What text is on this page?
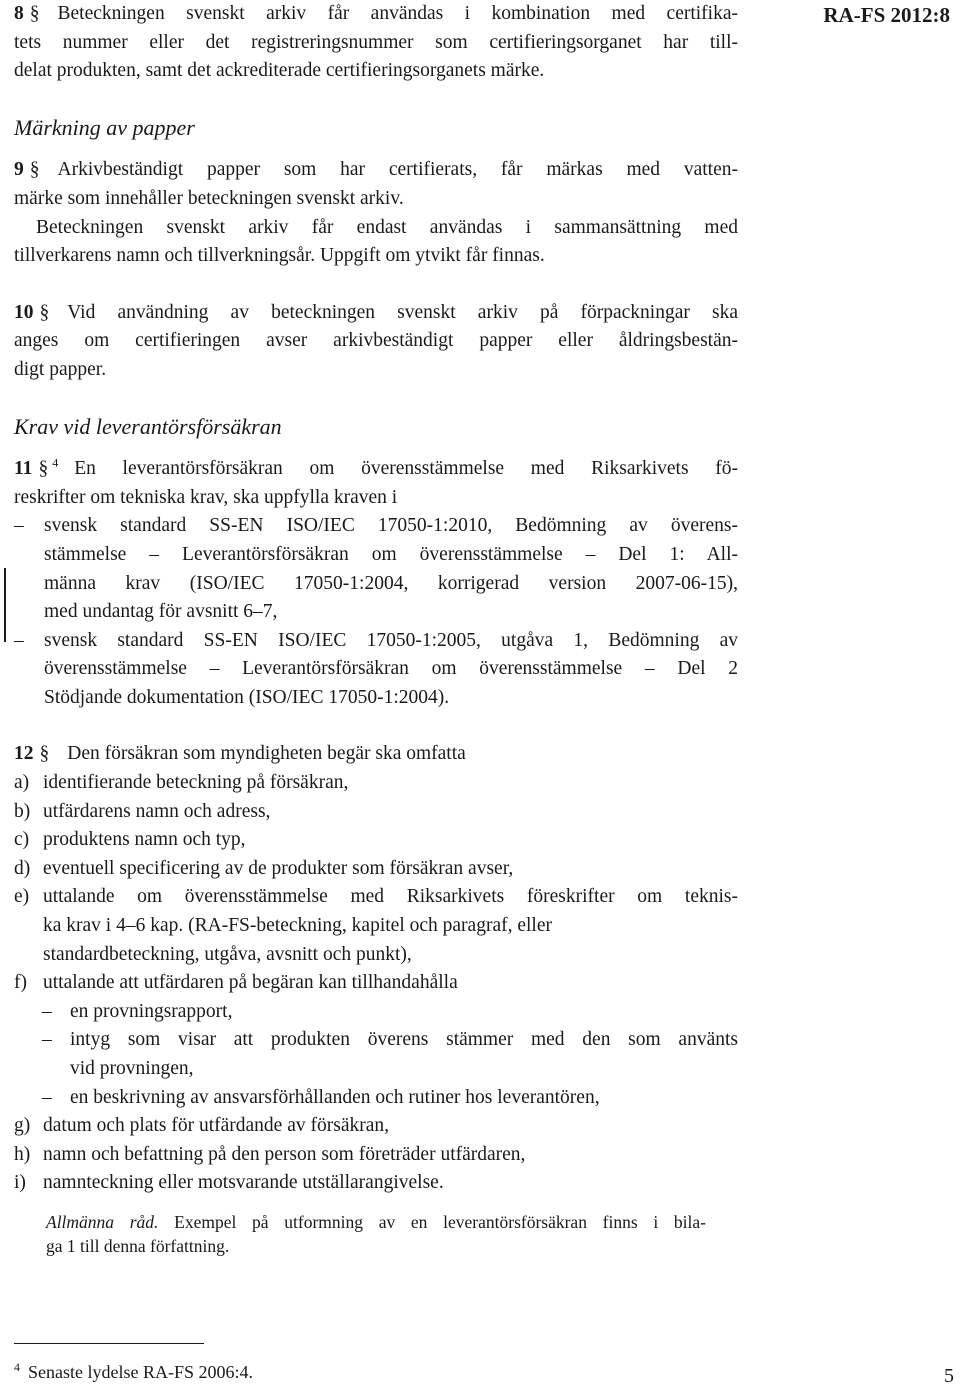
RA-FS 2012:8
8 § Beteckningen svenskt arkiv får användas i kombination med certifika-
tets nummer eller det registreringsnummer som certifieringsorganet har till-
delat produkten, samt det ackrediterade certifieringsorganets märke.
Märkning av papper
9 § Arkivbeständigt papper som har certifierats, får märkas med vatten-
märke som innehåller beteckningen svenskt arkiv.
Beteckningen svenskt arkiv får endast användas i sammansättning med
tillverkarens namn och tillverkningsår. Uppgift om ytvikt får finnas.
10 § Vid användning av beteckningen svenskt arkiv på förpackningar ska
anges om certifieringen avser arkivbeständigt papper eller åldringsbestän-
digt papper.
Krav vid leverantörsförsäkran
11 § $^4$ En leverantörsförsäkran om överensstämmelse med Riksarkivets fö-
reskrifter om tekniska krav, ska uppfylla kraven i
– svensk standard SS-EN ISO/IEC 17050-1:2010, Bedömning av överens-
stämmelse – Leverantörsförsäkran om överensstämmelse – Del 1: All-
männa krav (ISO/IEC 17050-1:2004, korrigerad version 2007-06-15),
med undantag för avsnitt 6–7,
– svensk standard SS-EN ISO/IEC 17050-1:2005, utgåva 1, Bedömning av
överensstämmelse – Leverantörsförsäkran om överensstämmelse – Del 2
Stödjande dokumentation (ISO/IEC 17050-1:2004).
12 § Den försäkran som myndigheten begär ska omfatta
a) identifierande beteckning på försäkran,
b) utfärdarens namn och adress,
c) produktens namn och typ,
d) eventuell specificering av de produkter som försäkran avser,
e) uttalande om överensstämmelse med Riksarkivets föreskrifter om teknis-
ka krav i 4–6 kap. (RA-FS-beteckning, kapitel och paragraf, eller
standardbeteckning, utgåva, avsnitt och punkt),
f) uttalande att utfärdaren på begäran kan tillhandahålla
– en provningsrapport,
– intyg som visar att produkten överens stämmer med den som använts
vid provningen,
– en beskrivning av ansvarsförhållanden och rutiner hos leverantören,
g) datum och plats för utfärdande av försäkran,
h) namn och befattning på den person som företräder utfärdaren,
i) namnteckning eller motsvarande utställarangivelse.
Allmänna råd. Exempel på utformning av en leverantörsförsäkran finns i bila-
ga 1 till denna författning.
$^4$ Senaste lydelse RA-FS 2006:4.	5
